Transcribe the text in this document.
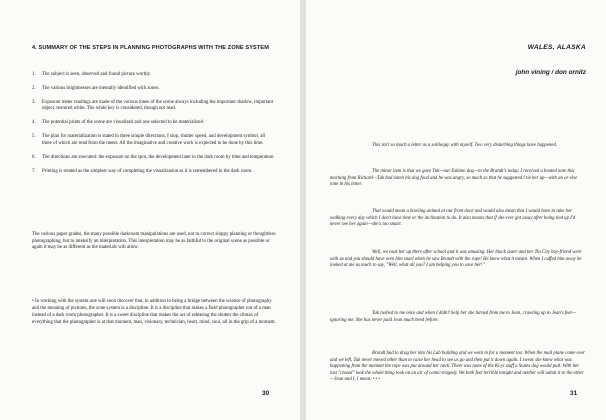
4. SUMMARY OF THE STEPS IN PLANNING PHOTOGRAPHS WITH THE ZONE SYSTEM
1. The subject is seen, observed and found picture worthy.
2. The various brightnesses are mentally identified with zones.
3. Exposure meter readings are made of the various tones of the scene always including the important shadow, important object, textured white. The white key is considered, though not read.
4. The potential prints of the scene are visualized and one selected to be materialized.
5. The plan for materialization is stated in three simple directions, f stop, shutter speed, and development symbol, all three of which are read from the meter. All the imaginative and creative work is expected to be done by this time.
6. The directions are executed: the exposure on the spot, the development later in the dark room by time and temperature.
7. Printing is treated as the simplest way of completing the visualization as it is remembered in the dark room.

The various paper grades, the many possible darkroom manipulations are used, not to correct sloppy planning or thoughtless photographing, but to intensify an interpretation. This interpretation may be as faithful to the original scene as possible or again it may be as different as the materials will allow.

• In working with the system one will soon discover that, in addition to being a bridge between the science of photography and the meaning of pictures, the zone system is a discipline. It is a discipline that makes a field photographer out of a man instead of a dark room photographer. It is a sweet discipline that makes the act of releasing the shutter the climax of everything that the photographer is at that moment, man, visionary, technician, heart, mind, soul, all in the grip of a moment.

30
WALES, ALASKA
john vining / don ornitz

This isn't so much a letter as a soliloquy with myself. Two very disturbing things have happened.

The minor item is that we gave Tuk—our Eskimo dog—to the Brandt's today. I received a heated note this morning from Richard—Tuk had eaten his dog food and he was angry, so much so that he suggested I tie her up—with an or else tone in his letter.

That would mean a howling animal at our front door and would also mean that I would have to take her walking every day which I don't have time or the inclination to do. It also means that if she ever got away after being tied up I'd never see her again—she's too smart.

Well, we took her up there after school and it was amazing. Her black sister and her Tin City boy-friend were with us and you should have seen him snarl when he saw Brandt with the rope! He knew what it meant. When I cuffed him away he looked at me as much to say, "Well, what all you? I am helping you to save her!"

Tuk rushed to me once and when I didn't help her she turned from me to Jean, crawling up to Jean's feet—ignoring me. She has never paid Jean much heed before.

Brandt had to drag her into his Lab building and we went in for a moment too. When the mail plane came over and we left, Tuk never moved other than to raise her head to see us go and then put it down again. I swear she knew what was happening from the moment the rope was put around her neck. There was none of the Ki-yi stuff a States dog would pull. With her last "closed" look the whole thing took on an air of comic-tragedy. We both feel terrible tonight and neither will admit it to the other—Jean and I, I mean. • • •

31
